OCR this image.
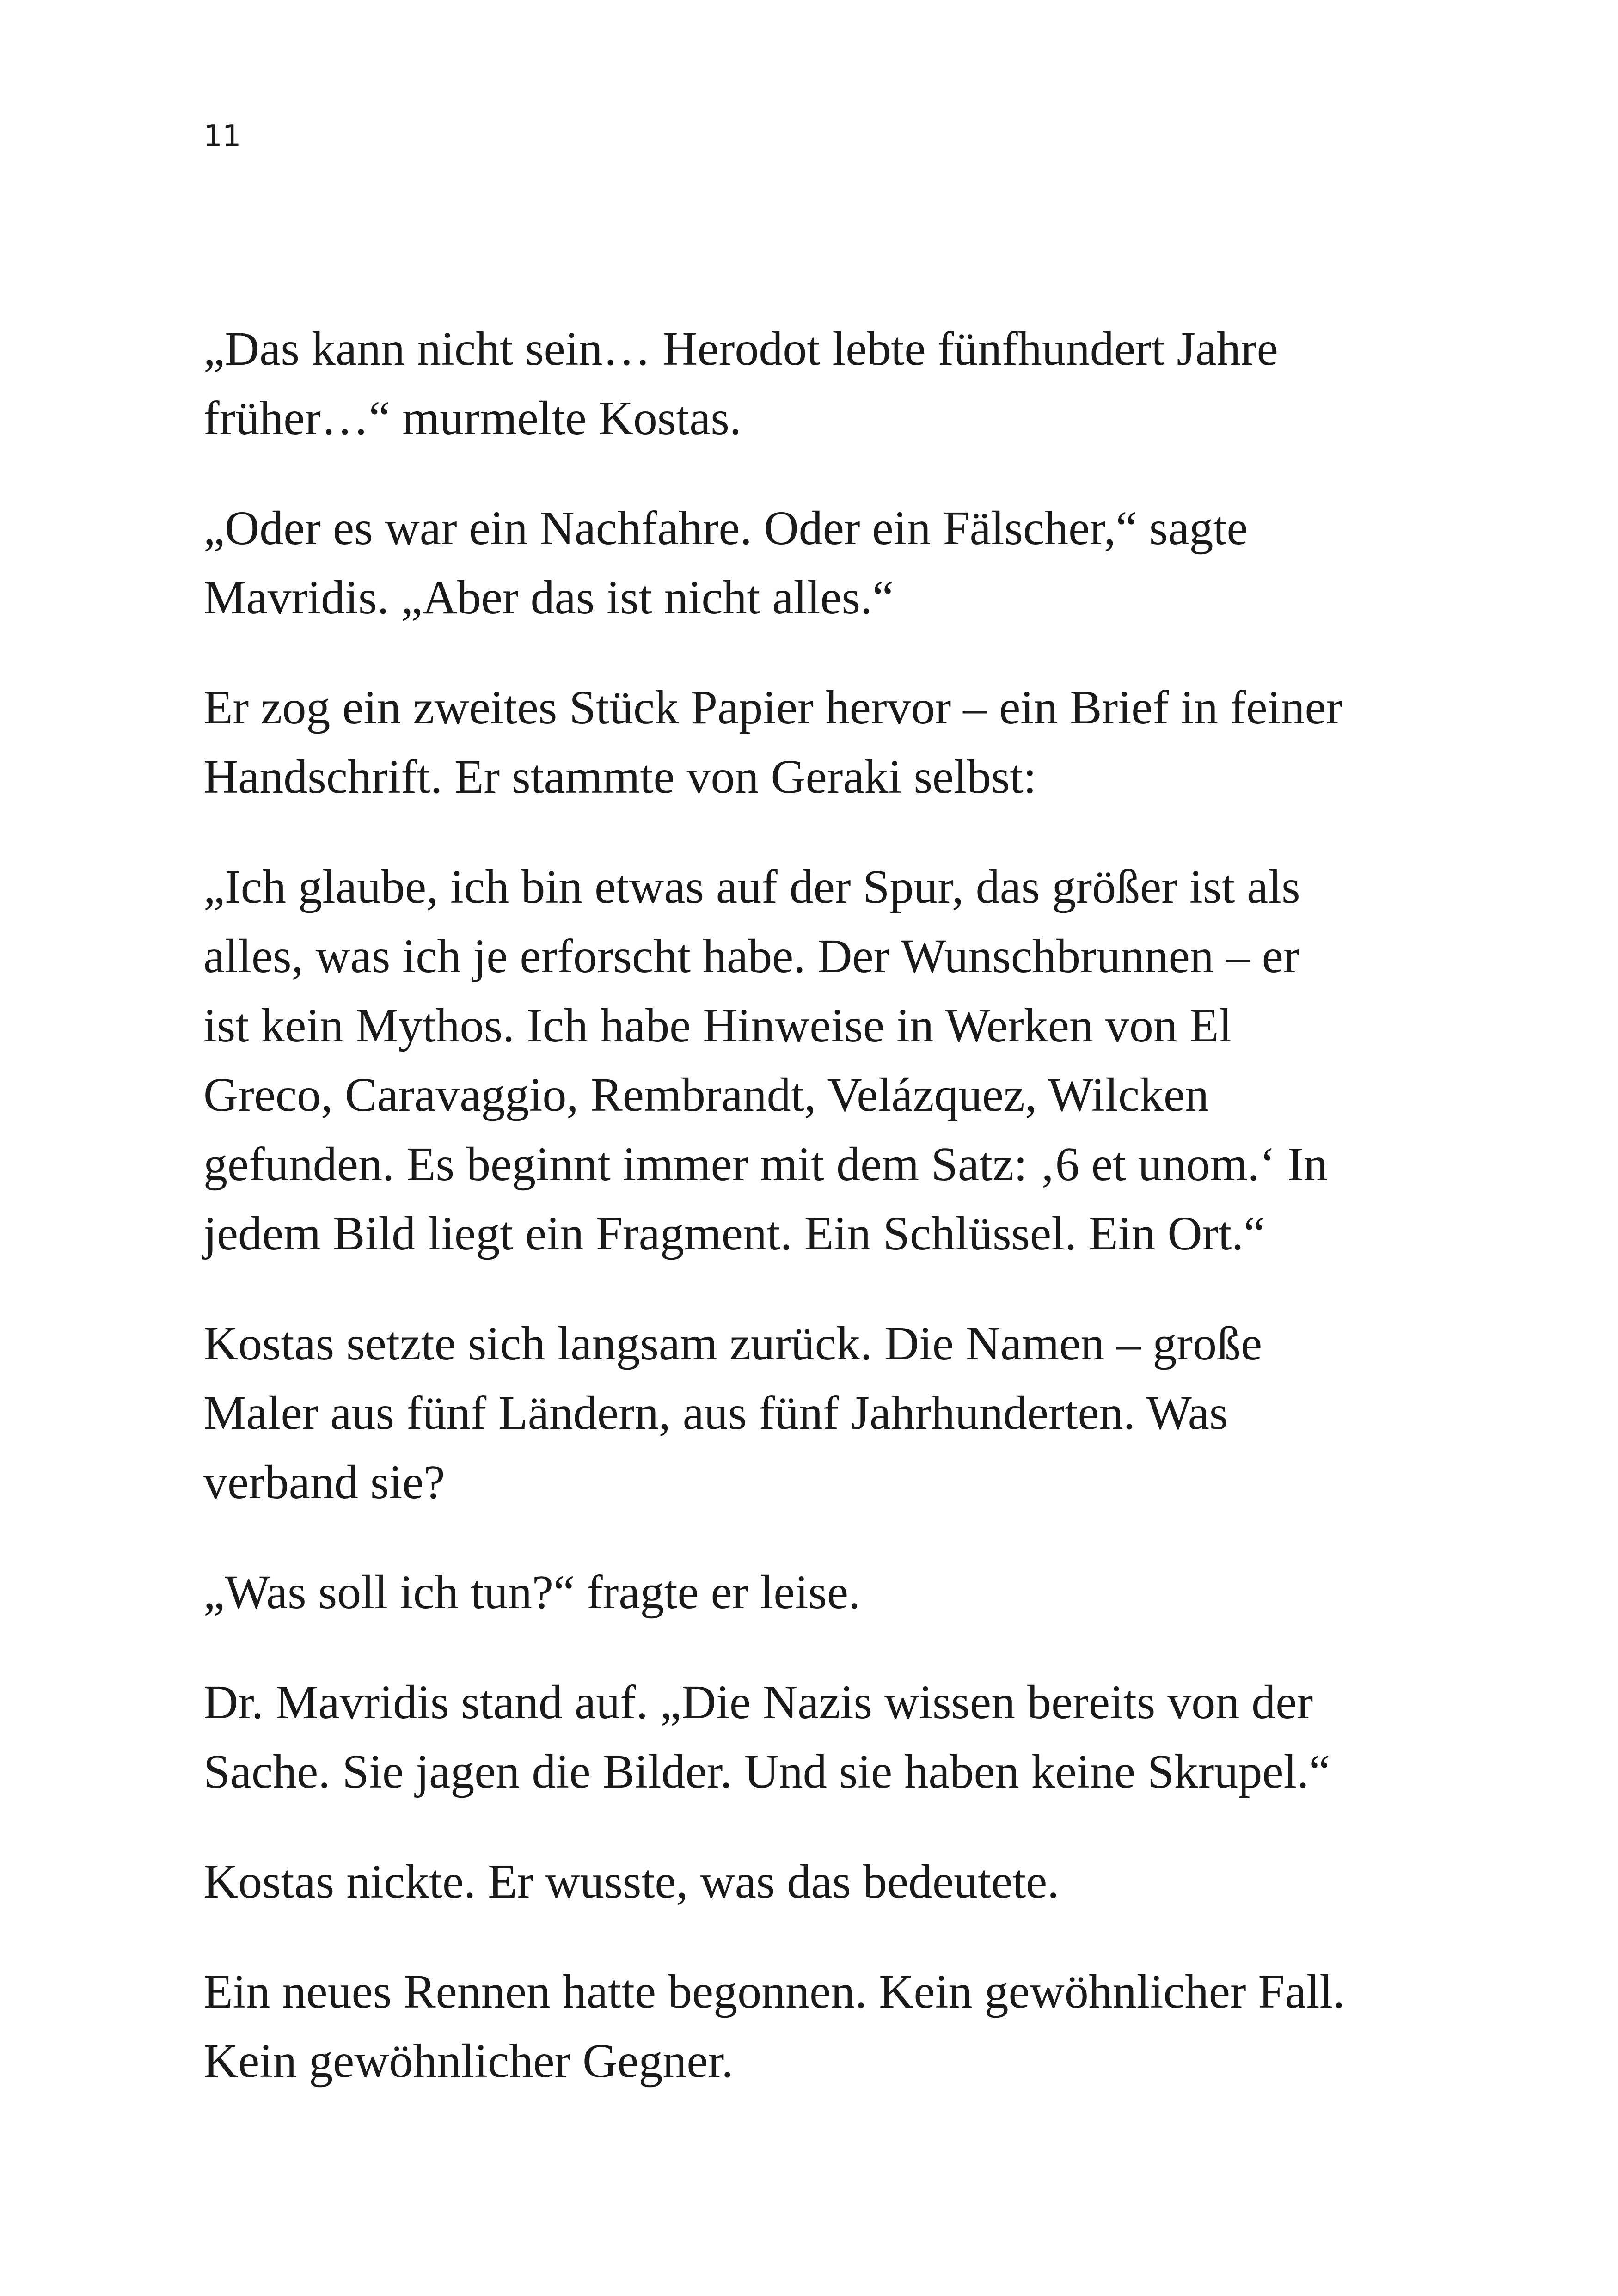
11

„Das kann nicht sein… Herodot lebte fünfhundert Jahre
früher…“ murmelte Kostas.

„Oder es war ein Nachfahre. Oder ein Fälscher,“ sagte
Mavridis. „Aber das ist nicht alles.“

Er zog ein zweites Stück Papier hervor – ein Brief in feiner
Handschrift. Er stammte von Geraki selbst:

„Ich glaube, ich bin etwas auf der Spur, das größer ist als
alles, was ich je erforscht habe. Der Wunschbrunnen – er
ist kein Mythos. Ich habe Hinweise in Werken von El
Greco, Caravaggio, Rembrandt, Velázquez, Wilcken
gefunden. Es beginnt immer mit dem Satz: ‚6 et unom.‘ In
jedem Bild liegt ein Fragment. Ein Schlüssel. Ein Ort.“

Kostas setzte sich langsam zurück. Die Namen – große
Maler aus fünf Ländern, aus fünf Jahrhunderten. Was
verband sie?

„Was soll ich tun?“ fragte er leise.

Dr. Mavridis stand auf. „Die Nazis wissen bereits von der
Sache. Sie jagen die Bilder. Und sie haben keine Skrupel.“

Kostas nickte. Er wusste, was das bedeutete.

Ein neues Rennen hatte begonnen. Kein gewöhnlicher Fall.
Kein gewöhnlicher Gegner.
